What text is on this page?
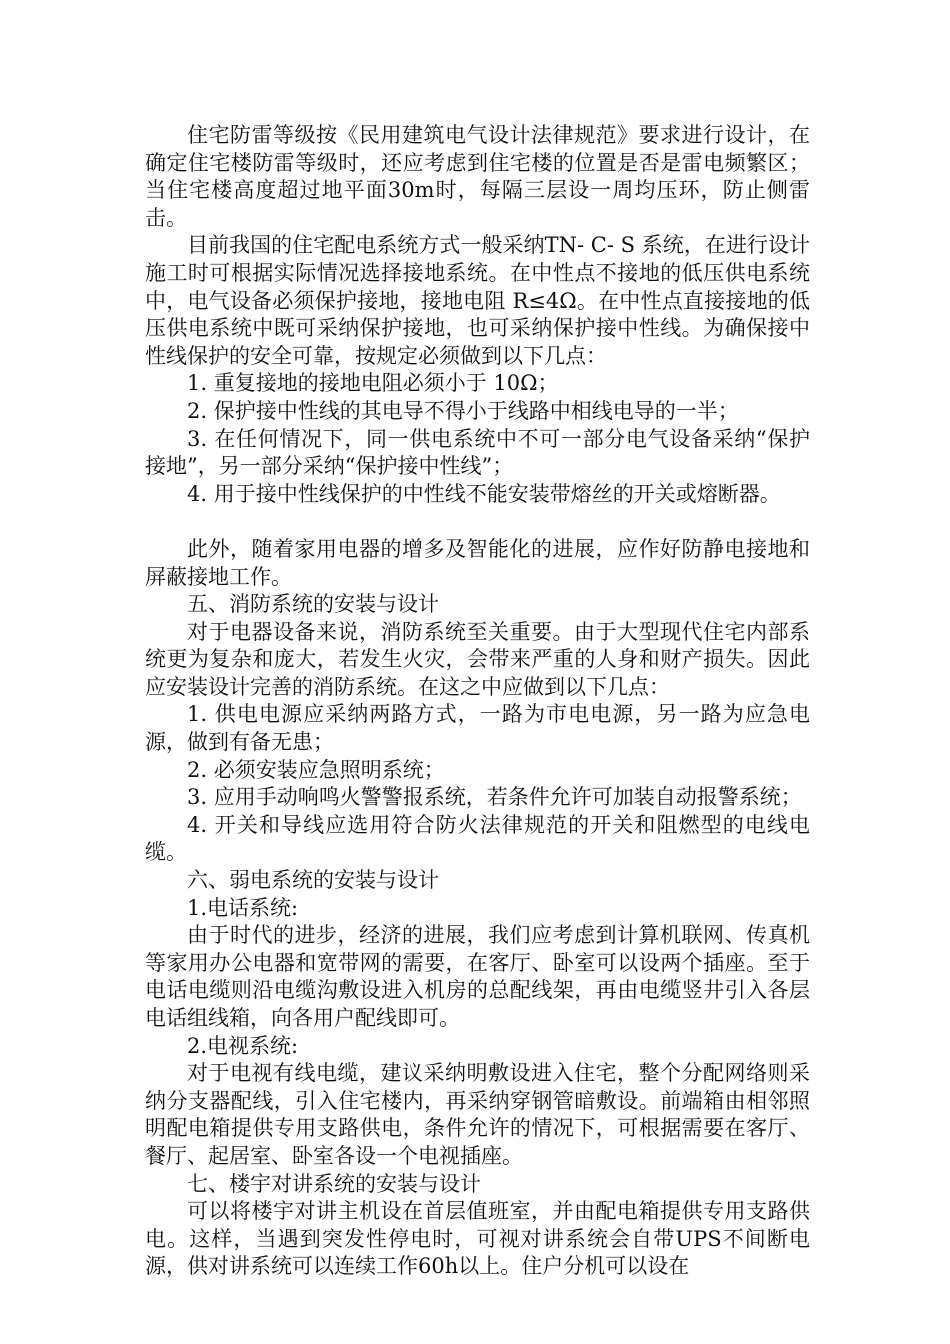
住宅防雷等级按《民用建筑电气设计法律规范》要求进行设计，在确定住宅楼防雷等级时，还应考虑到住宅楼的位置是否是雷电频繁区；当住宅楼高度超过地平面30m时，每隔三层设一周均压环，防止侧雷击。

目前我国的住宅配电系统方式一般采纳TN- C- S 系统，在进行设计施工时可根据实际情况选择接地系统。在中性点不接地的低压供电系统中，电气设备必须保护接地，接地电阻 R≤4Ω。在中性点直接接地的低压供电系统中既可采纳保护接地，也可采纳保护接中性线。为确保接中性线保护的安全可靠，按规定必须做到以下几点：

1. 重复接地的接地电阻必须小于 10Ω；

2. 保护接中性线的其电导不得小于线路中相线电导的一半；

3. 在任何情况下，同一供电系统中不可一部分电气设备采纳“保护接地”，另一部分采纳“保护接中性线”；

4. 用于接中性线保护的中性线不能安装带熔丝的开关或熔断器。

此外，随着家用电器的增多及智能化的进展，应作好防静电接地和屏蔽接地工作。

五、消防系统的安装与设计

对于电器设备来说，消防系统至关重要。由于大型现代住宅内部系统更为复杂和庞大，若发生火灾，会带来严重的人身和财产损失。因此应安装设计完善的消防系统。在这之中应做到以下几点：

1. 供电电源应采纳两路方式，一路为市电电源，另一路为应急电源，做到有备无患；

2. 必须安装应急照明系统；

3. 应用手动响鸣火警警报系统，若条件允许可加装自动报警系统；

4. 开关和导线应选用符合防火法律规范的开关和阻燃型的电线电缆。

六、弱电系统的安装与设计

1.电话系统:

由于时代的进步，经济的进展，我们应考虑到计算机联网、传真机等家用办公电器和宽带网的需要，在客厅、卧室可以设两个插座。至于电话电缆则沿电缆沟敷设进入机房的总配线架，再由电缆竖井引入各层电话组线箱，向各用户配线即可。

2.电视系统:

对于电视有线电缆，建议采纳明敷设进入住宅，整个分配网络则采纳分支器配线，引入住宅楼内，再采纳穿钢管暗敷设。前端箱由相邻照明配电箱提供专用支路供电，条件允许的情况下，可根据需要在客厅、餐厅、起居室、卧室各设一个电视插座。

七、楼宇对讲系统的安装与设计

可以将楼宇对讲主机设在首层值班室，并由配电箱提供专用支路供电。这样，当遇到突发性停电时，可视对讲系统会自带UPS不间断电源，供对讲系统可以连续工作60h以上。住户分机可以设在
